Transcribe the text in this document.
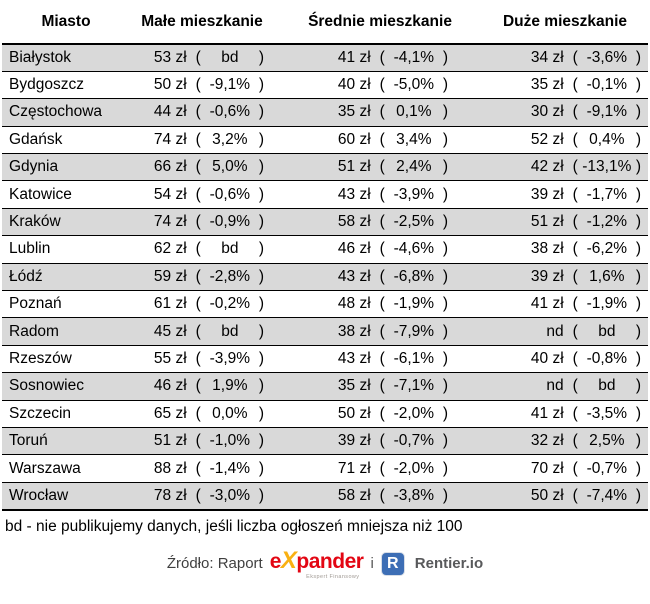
Miasto	Małe mieszkanie	Średnie mieszkanie	Duże mieszkanie
Białystok	53 zł ( bd )	41 zł ( -4,1% )	34 zł ( -3,6% )
Bydgoszcz	50 zł ( -9,1% )	40 zł ( -5,0% )	35 zł ( -0,1% )
Częstochowa	44 zł ( -0,6% )	35 zł ( 0,1% )	30 zł ( -9,1% )
Gdańsk	74 zł ( 3,2% )	60 zł ( 3,4% )	52 zł ( 0,4% )
Gdynia	66 zł ( 5,0% )	51 zł ( 2,4% )	42 zł ( -13,1% )
Katowice	54 zł ( -0,6% )	43 zł ( -3,9% )	39 zł ( -1,7% )
Kraków	74 zł ( -0,9% )	58 zł ( -2,5% )	51 zł ( -1,2% )
Lublin	62 zł ( bd )	46 zł ( -4,6% )	38 zł ( -6,2% )
Łódź	59 zł ( -2,8% )	43 zł ( -6,8% )	39 zł ( 1,6% )
Poznań	61 zł ( -0,2% )	48 zł ( -1,9% )	41 zł ( -1,9% )
Radom	45 zł ( bd )	38 zł ( -7,9% )	nd ( bd )
Rzeszów	55 zł ( -3,9% )	43 zł ( -6,1% )	40 zł ( -0,8% )
Sosnowiec	46 zł ( 1,9% )	35 zł ( -7,1% )	nd ( bd )
Szczecin	65 zł ( 0,0% )	50 zł ( -2,0% )	41 zł ( -3,5% )
Toruń	51 zł ( -1,0% )	39 zł ( -0,7% )	32 zł ( 2,5% )
Warszawa	88 zł ( -1,4% )	71 zł ( -2,0% )	70 zł ( -0,7% )
Wrocław	78 zł ( -3,0% )	58 zł ( -3,8% )	50 zł ( -7,4% )
bd - nie publikujemy danych, jeśli liczba ogłoszeń mniejsza niż 100
Źródło: Raport eXpander
Ekspert Finansowy
i R	Rentier.io
